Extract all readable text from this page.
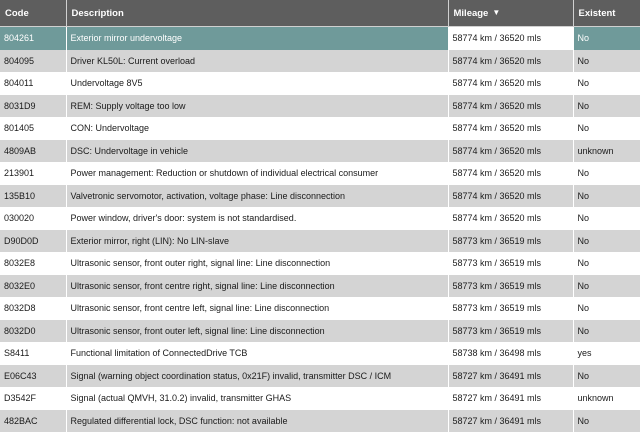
Code	Description	Mileage ▼	Existent
804261	Exterior mirror undervoltage	58774 km / 36520 mls	No
804095	Driver KL50L: Current overload	58774 km / 36520 mls	No
804011	Undervoltage 8V5	58774 km / 36520 mls	No
8031D9	REM: Supply voltage too low	58774 km / 36520 mls	No
801405	CON: Undervoltage	58774 km / 36520 mls	No
4809AB	DSC: Undervoltage in vehicle	58774 km / 36520 mls	unknown
213901	Power management: Reduction or shutdown of individual electrical consumer	58774 km / 36520 mls	No
135B10	Valvetronic servomotor, activation, voltage phase: Line disconnection	58774 km / 36520 mls	No
030020	Power window, driver's door: system is not standardised.	58774 km / 36520 mls	No
D90D0D	Exterior mirror, right (LIN): No LIN-slave	58773 km / 36519 mls	No
8032E8	Ultrasonic sensor, front outer right, signal line: Line disconnection	58773 km / 36519 mls	No
8032E0	Ultrasonic sensor, front centre right, signal line: Line disconnection	58773 km / 36519 mls	No
8032D8	Ultrasonic sensor, front centre left, signal line: Line disconnection	58773 km / 36519 mls	No
8032D0	Ultrasonic sensor, front outer left, signal line: Line disconnection	58773 km / 36519 mls	No
S8411	Functional limitation of ConnectedDrive TCB	58738 km / 36498 mls	yes
E06C43	Signal (warning object coordination status, 0x21F) invalid, transmitter DSC / ICM	58727 km / 36491 mls	No
D3542F	Signal (actual QMVH, 31.0.2) invalid, transmitter GHAS	58727 km / 36491 mls	unknown
482BAC	Regulated differential lock, DSC function: not available	58727 km / 36491 mls	No
